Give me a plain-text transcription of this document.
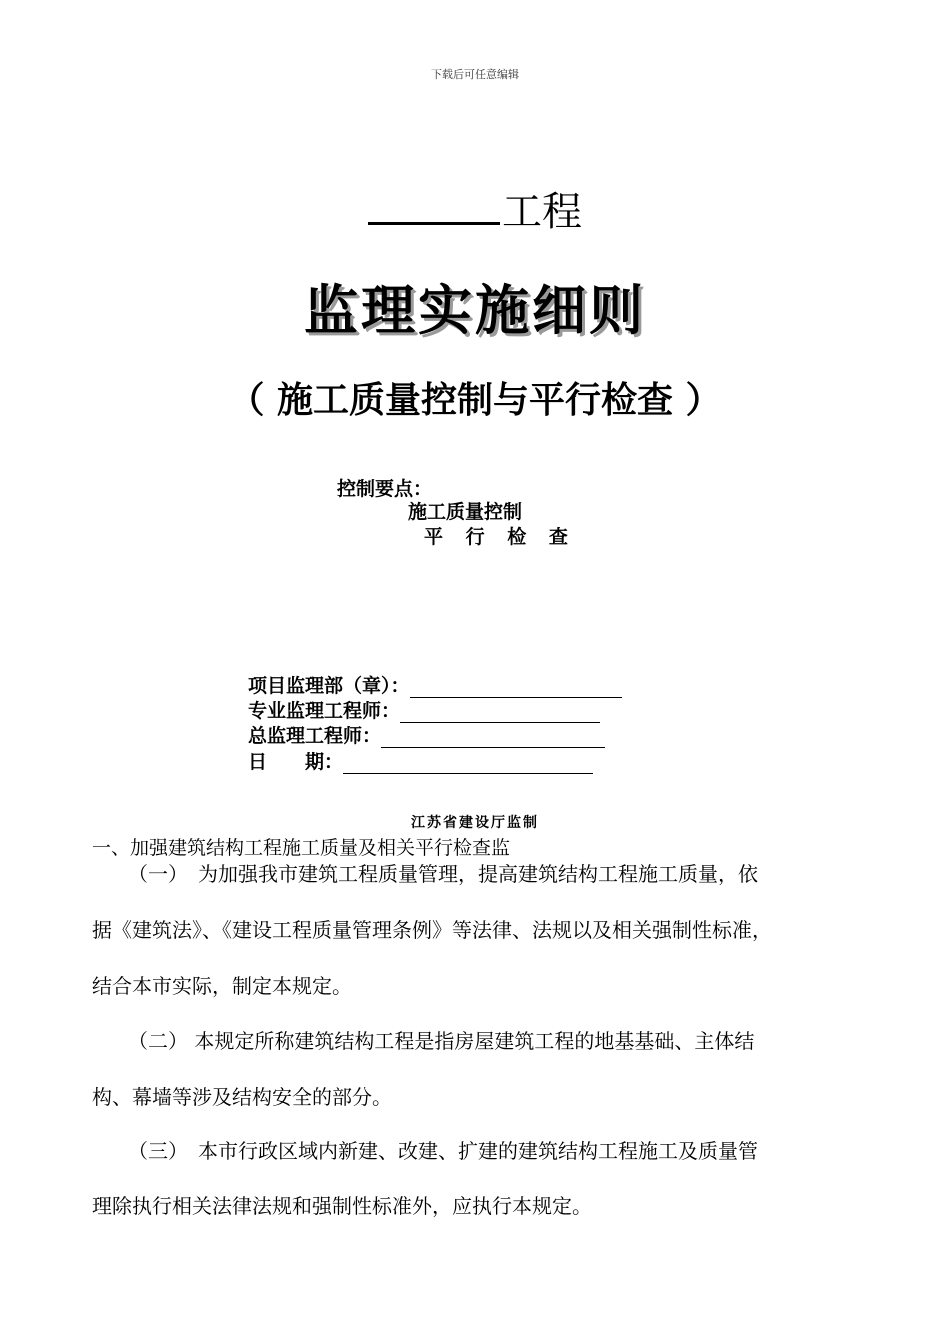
下载后可任意编辑
工程
监理实施细则
（ 施工质量控制与平行检查 ）
控制要点：
施工质量控制
平 行 检 查
项目监理部（章）：
专业监理工程师：
总监理工程师：
日　　期：
江苏省建设厅监制
一、加强建筑结构工程施工质量及相关平行检查监
（一）　为加强我市建筑工程质量管理，提高建筑结构工程施工质量，依
据《建筑法》、《建设工程质量管理条例》等法律、法规以及相关强制性标准，
结合本市实际，制定本规定。
（二） 本规定所称建筑结构工程是指房屋建筑工程的地基基础、主体结
构、幕墙等涉及结构安全的部分。
（三）　本市行政区域内新建、改建、扩建的建筑结构工程施工及质量管
理除执行相关法律法规和强制性标准外，应执行本规定。
